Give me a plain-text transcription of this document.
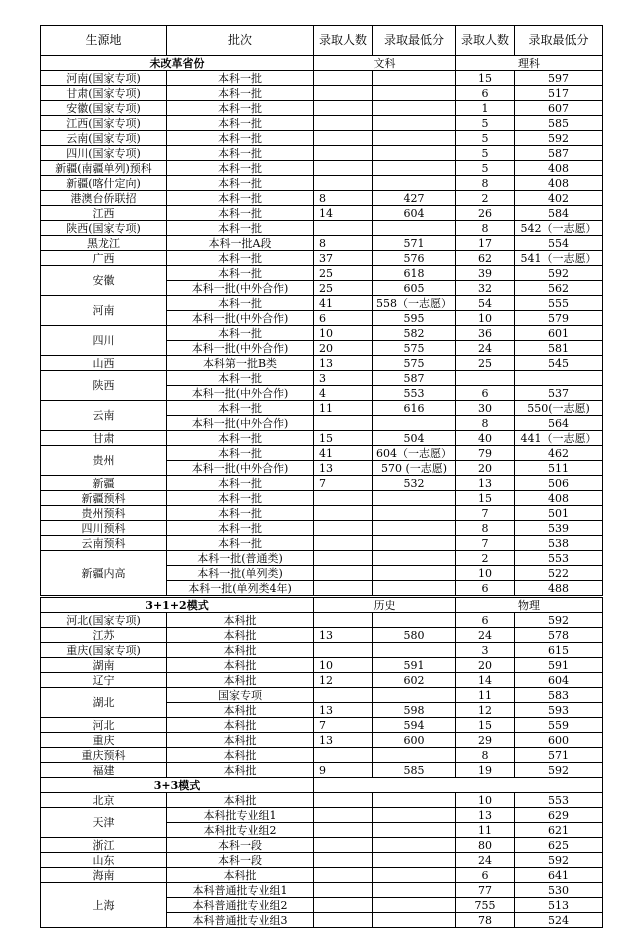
生源地	批次	录取人数	录取最低分	录取人数	录取最低分
未改革省份		文科		理科	
河南(国家专项)	本科一批			15	597
甘肃(国家专项)	本科一批			6	517
安徽(国家专项)	本科一批			1	607
江西(国家专项)	本科一批			5	585
云南(国家专项)	本科一批			5	592
四川(国家专项)	本科一批			5	587
新疆(南疆单列)预科	本科一批			5	408
新疆(喀什定向)	本科一批			8	408
港澳台侨联招	本科一批	8	427	2	402
江西	本科一批	14	604	26	584
陕西(国家专项)	本科一批			8	542（一志愿）
黑龙江	本科一批A段	8	571	17	554
广西	本科一批	37	576	62	541（一志愿）
安徽	本科一批	25	618	39	592
	本科一批(中外合作)	25	605	32	562
河南	本科一批	41	558（一志愿）	54	555
	本科一批(中外合作)	6	595	10	579
四川	本科一批	10	582	36	601
	本科一批(中外合作)	20	575	24	581
山西	本科第一批B类	13	575	25	545
陕西	本科一批	3	587		
	本科一批(中外合作)	4	553	6	537
云南	本科一批	11	616	30	550(一志愿)
	本科一批(中外合作)			8	564
甘肃	本科一批	15	504	40	441（一志愿）
贵州	本科一批	41	604（一志愿）	79	462
	本科一批(中外合作)	13	570 (一志愿)	20	511
新疆	本科一批	7	532	13	506
新疆预科	本科一批			15	408
贵州预科	本科一批			7	501
四川预科	本科一批			8	539
云南预科	本科一批			7	538
新疆内高	本科一批(普通类)			2	553
	本科一批(单列类)			10	522
	本科一批(单列类4年)			6	488
3+1+2模式		历史		物理	
河北(国家专项)	本科批			6	592
江苏	本科批	13	580	24	578
重庆(国家专项)	本科批			3	615
湖南	本科批	10	591	20	591
辽宁	本科批	12	602	14	604
湖北	国家专项			11	583
	本科批	13	598	12	593
河北	本科批	7	594	15	559
重庆	本科批	13	600	29	600
重庆预科	本科批			8	571
福建	本科批	9	585	19	592
3+3模式					
北京	本科批			10	553
天津	本科批专业组1			13	629
	本科批专业组2			11	621
浙江	本科一段			80	625
山东	本科一段			24	592
海南	本科批			6	641
上海	本科普通批专业组1			77	530
	本科普通批专业组2			755	513
	本科普通批专业组3			78	524
